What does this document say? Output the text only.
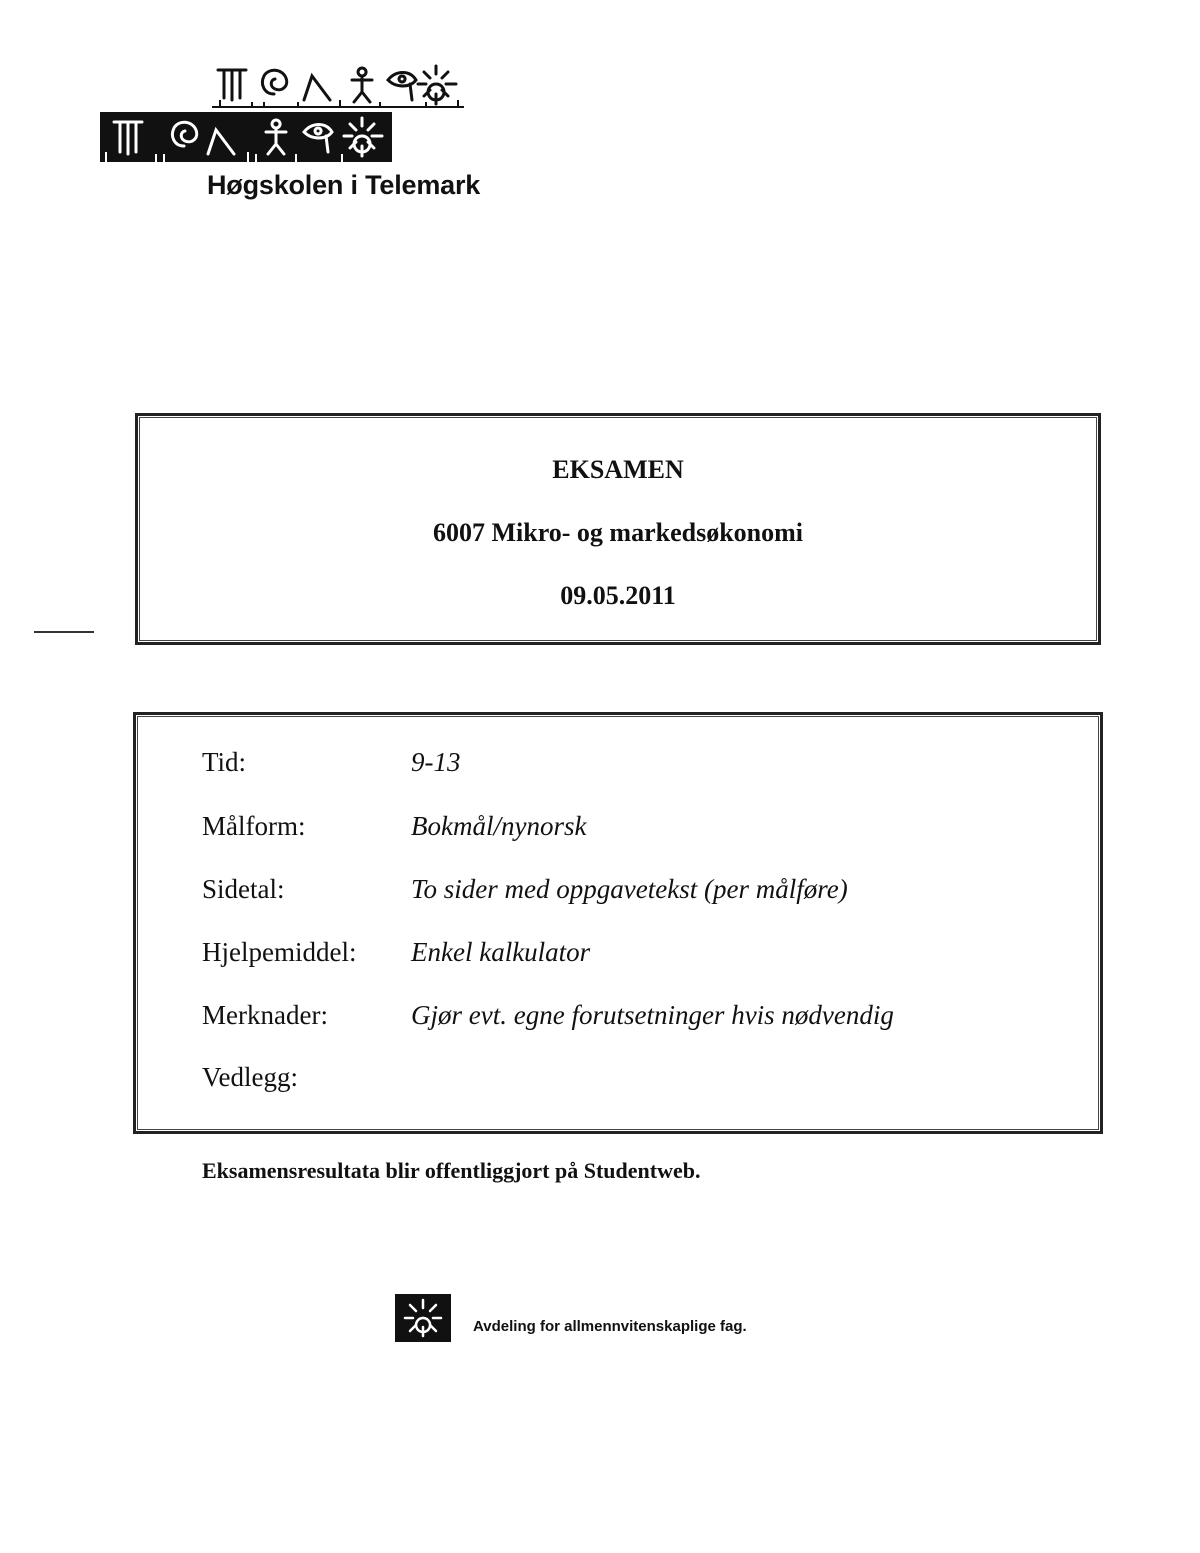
Høgskolen i Telemark
EKSAMEN
6007 Mikro- og markedsøkonomi
09.05.2011
Tid:	9-13
Målform:	Bokmål/nynorsk
Sidetal:	To sider med oppgavetekst (per målføre)
Hjelpemiddel: Enkel kalkulator
Merknader:	Gjør evt. egne forutsetninger hvis nødvendig
Vedlegg:
Eksamensresultata blir offentliggjort på Studentweb.
Avdeling for allmennvitenskaplige fag.
